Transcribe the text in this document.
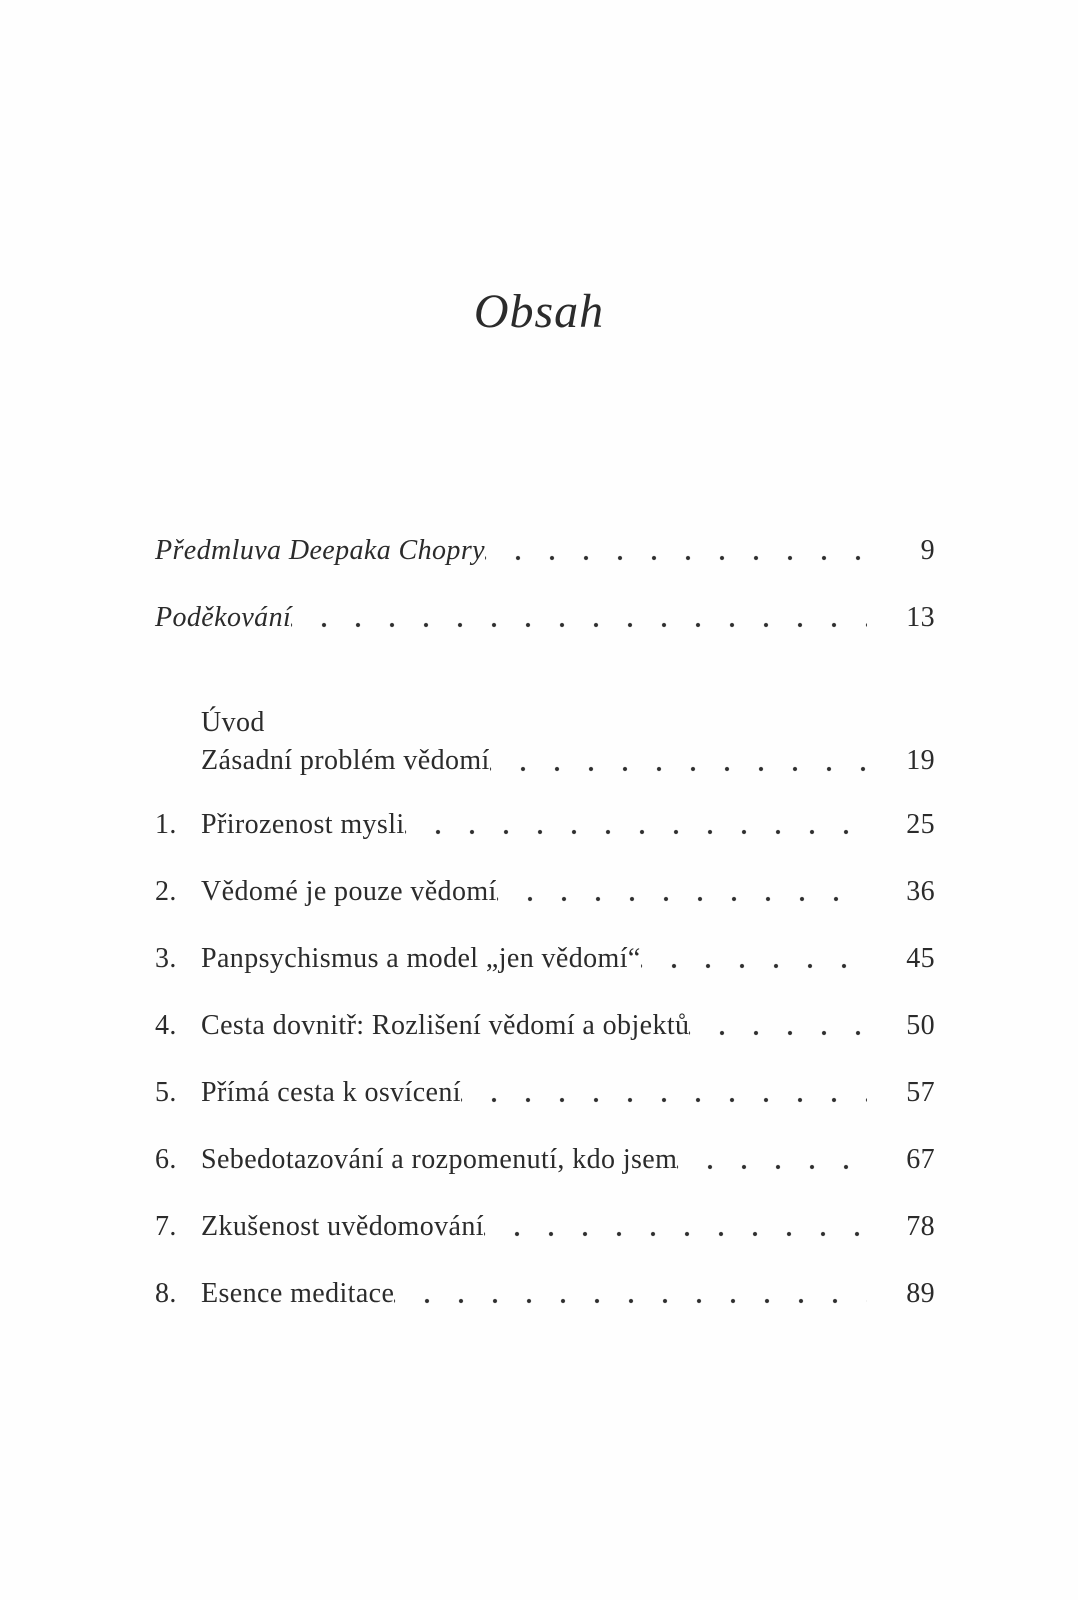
Obsah
Předmluva Deepaka Chopry	9
Poděkování	13
Úvod
Zásadní problém vědomí	19
1. Přirozenost mysli	25
2. Vědomé je pouze vědomí	36
3. Panpsychismus a model „jen vědomí“	45
4. Cesta dovnitř: Rozlišení vědomí a objektů	50
5. Přímá cesta k osvícení	57
6. Sebedotazování a rozpomenutí, kdo jsem	67
7. Zkušenost uvědomování	78
8. Esence meditace	89
